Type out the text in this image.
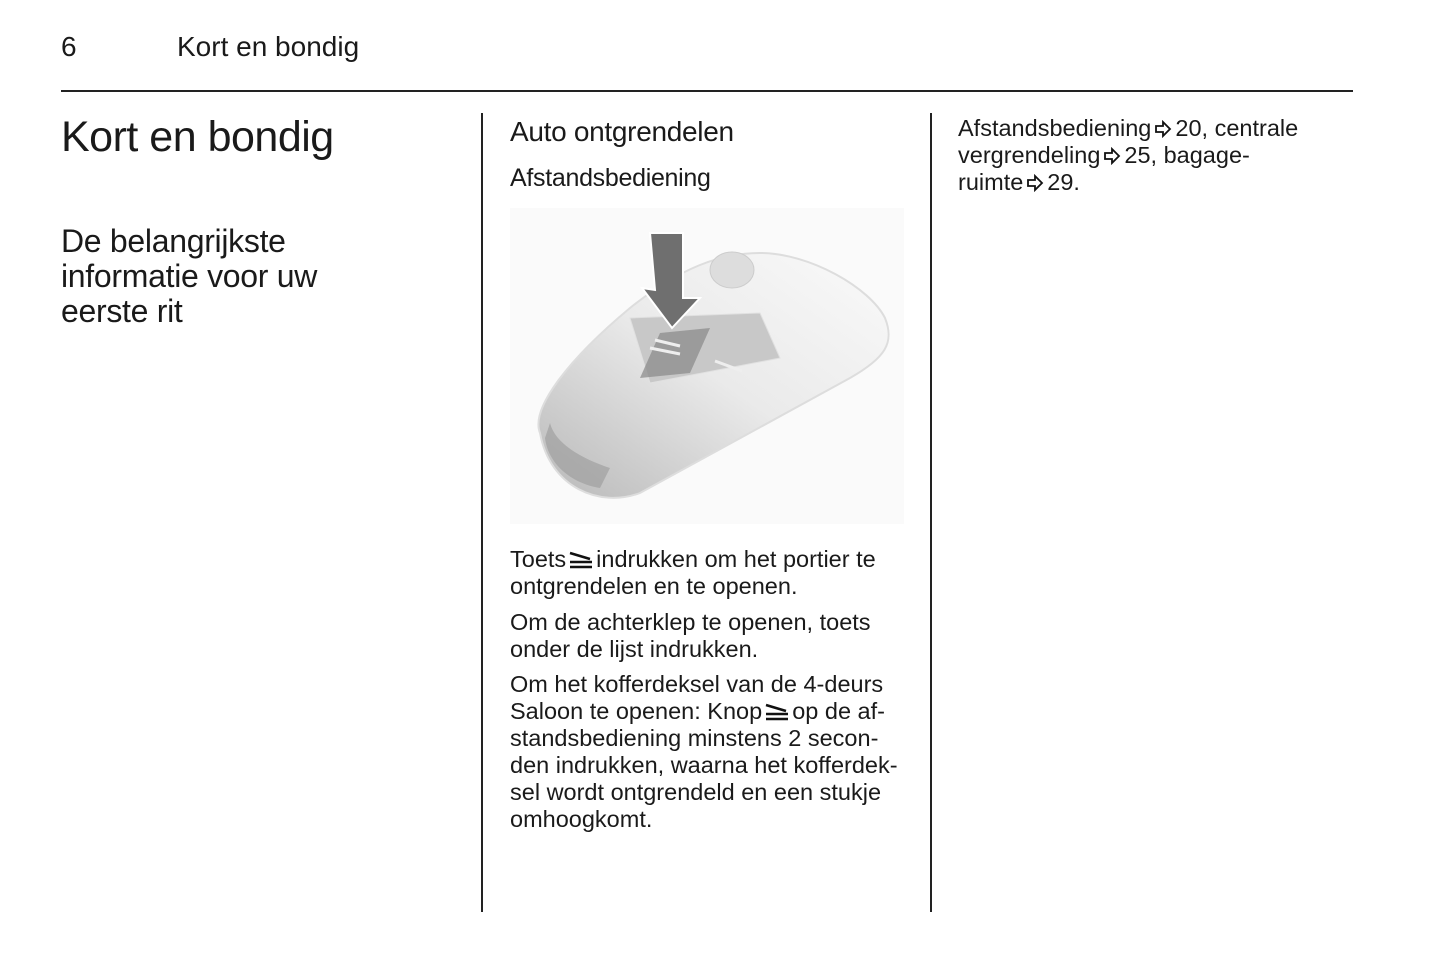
6	Kort en bondig
Kort en bondig
De belangrijkste
informatie voor uw
eerste rit
Auto ontgrendelen
Afstandsbediening
Toets indrukken om het portier te
ontgrendelen en te openen.
Om de achterklep te openen, toets
onder de lijst indrukken.
Om het kofferdeksel van de 4-deurs
Saloon te openen: Knop op de af-
standsbediening minstens 2 secon-
den indrukken, waarna het kofferdek-
sel wordt ontgrendeld en een stukje
omhoogkomt.
Afstandsbediening 20, centrale
vergrendeling 25, bagage-
ruimte 29.
